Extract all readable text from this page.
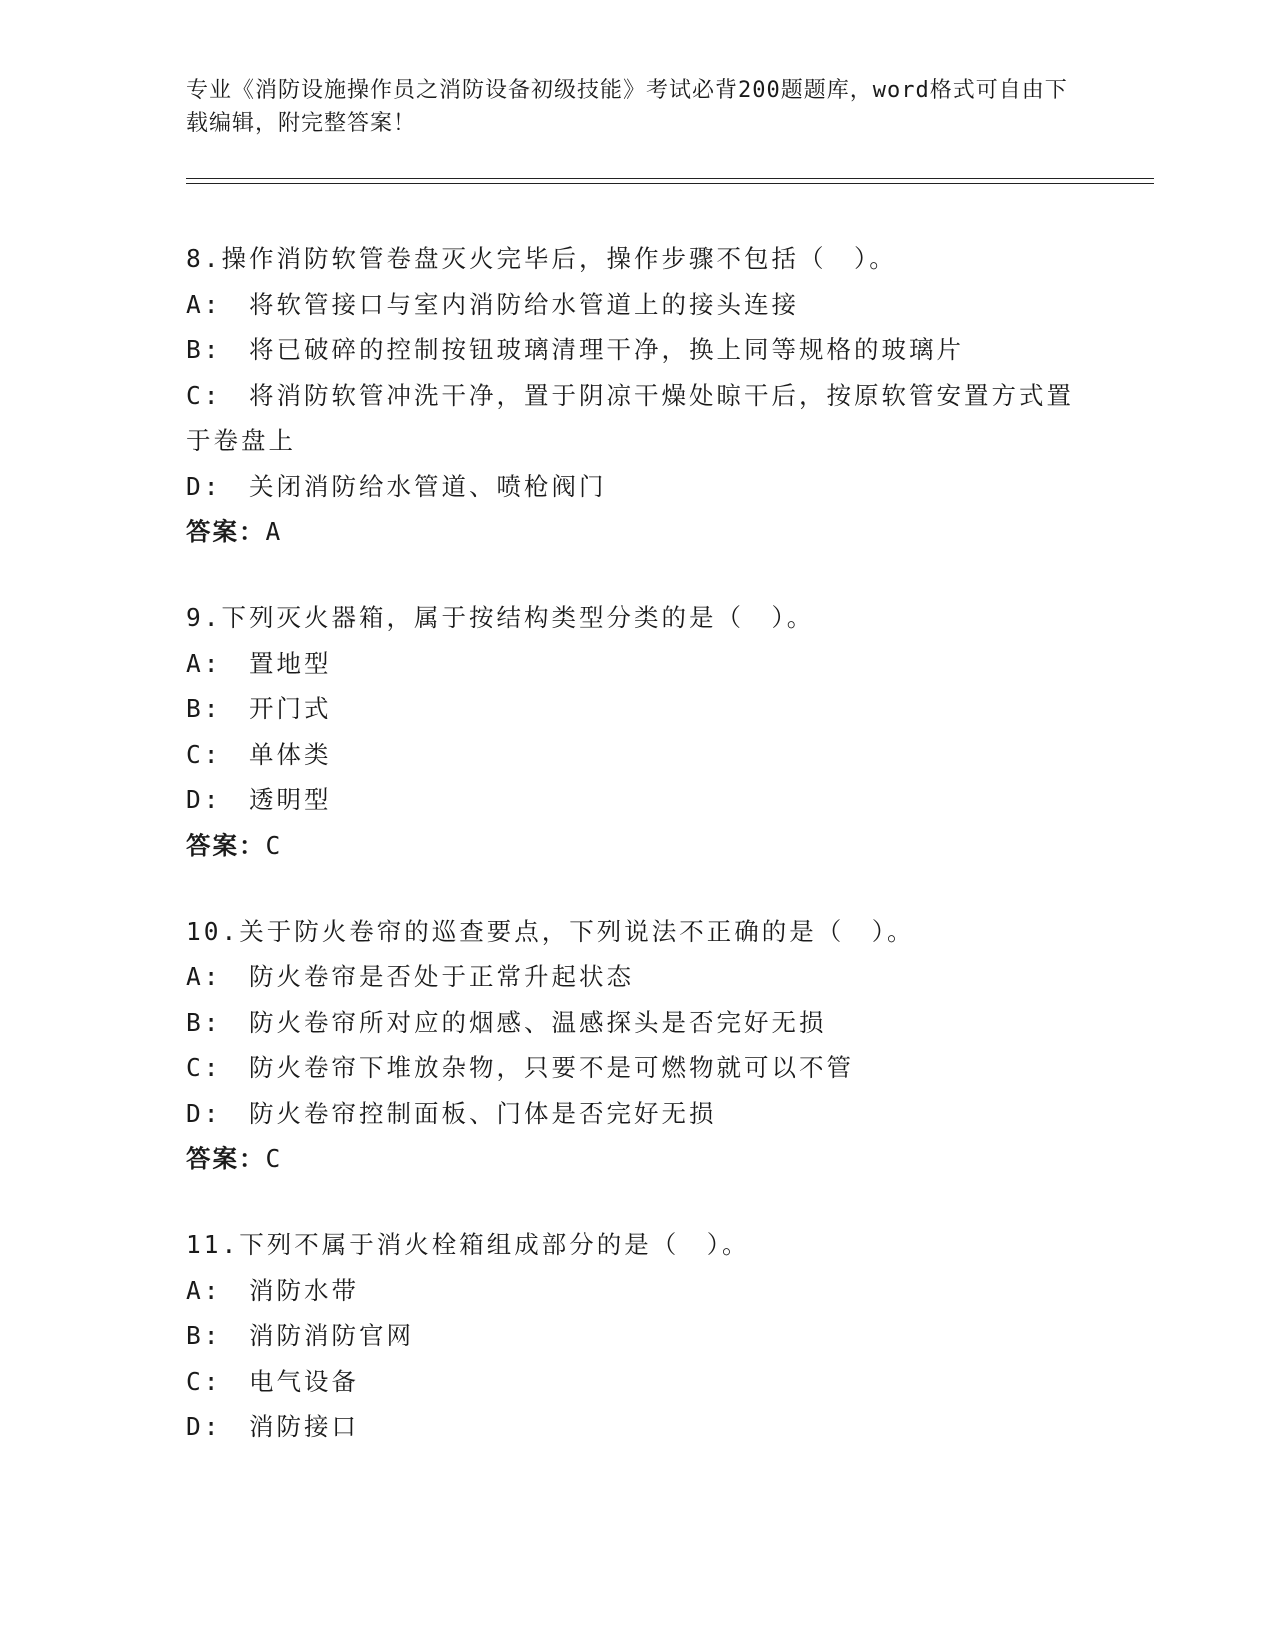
专业《消防设施操作员之消防设备初级技能》考试必背200题题库，word格式可自由下载编辑，附完整答案！
8.操作消防软管卷盘灭火完毕后，操作步骤不包括（　）。
A:　将软管接口与室内消防给水管道上的接头连接
B:　将已破碎的控制按钮玻璃清理干净，换上同等规格的玻璃片
C:　将消防软管冲洗干净，置于阴凉干燥处晾干后，按原软管安置方式置于卷盘上
D:　关闭消防给水管道、喷枪阀门
答案：A
9.下列灭火器箱，属于按结构类型分类的是（　）。
A:　置地型
B:　开门式
C:　单体类
D:　透明型
答案：C
10.关于防火卷帘的巡查要点，下列说法不正确的是（　）。
A:　防火卷帘是否处于正常升起状态
B:　防火卷帘所对应的烟感、温感探头是否完好无损
C:　防火卷帘下堆放杂物，只要不是可燃物就可以不管
D:　防火卷帘控制面板、门体是否完好无损
答案：C
11.下列不属于消火栓箱组成部分的是（　）。
A:　消防水带
B:　消防消防官网
C:　电气设备
D:　消防接口
